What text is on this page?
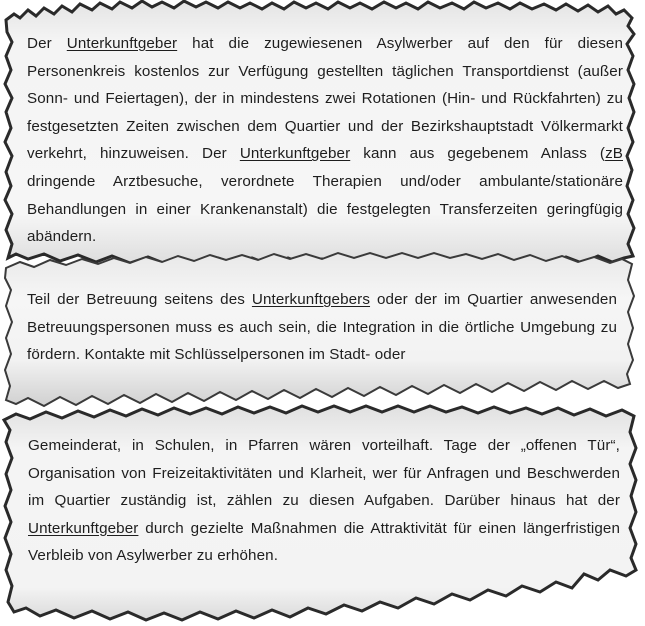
Der Unterkunftgeber hat die zugewiesenen Asylwerber auf den für diesen Personenkreis kostenlos zur Verfügung gestellten täglichen Transportdienst (außer Sonn- und Feiertagen), der in mindestens zwei Rotationen (Hin- und Rückfahrten) zu festgesetzten Zeiten zwischen dem Quartier und der Bezirkshauptstadt Völkermarkt verkehrt, hinzuweisen. Der Unterkunftgeber kann aus gegebenem Anlass (zB dringende Arztbesuche, verordnete Therapien und/oder ambulante/stationäre Behandlungen in einer Krankenanstalt) die festgelegten Transferzeiten geringfügig abändern.
Teil der Betreuung seitens des Unterkunftgebers oder der im Quartier anwesenden Betreuungspersonen muss es auch sein, die Integration in die örtliche Umgebung zu fördern. Kontakte mit Schlüsselpersonen im Stadt- oder
Gemeinderat, in Schulen, in Pfarren wären vorteilhaft. Tage der „offenen Tür“, Organisation von Freizeitaktivitäten und Klarheit, wer für Anfragen und Beschwerden im Quartier zuständig ist, zählen zu diesen Aufgaben. Darüber hinaus hat der Unterkunftgeber durch gezielte Maßnahmen die Attraktivität für einen längerfristigen Verbleib von Asylwerber zu erhöhen.
